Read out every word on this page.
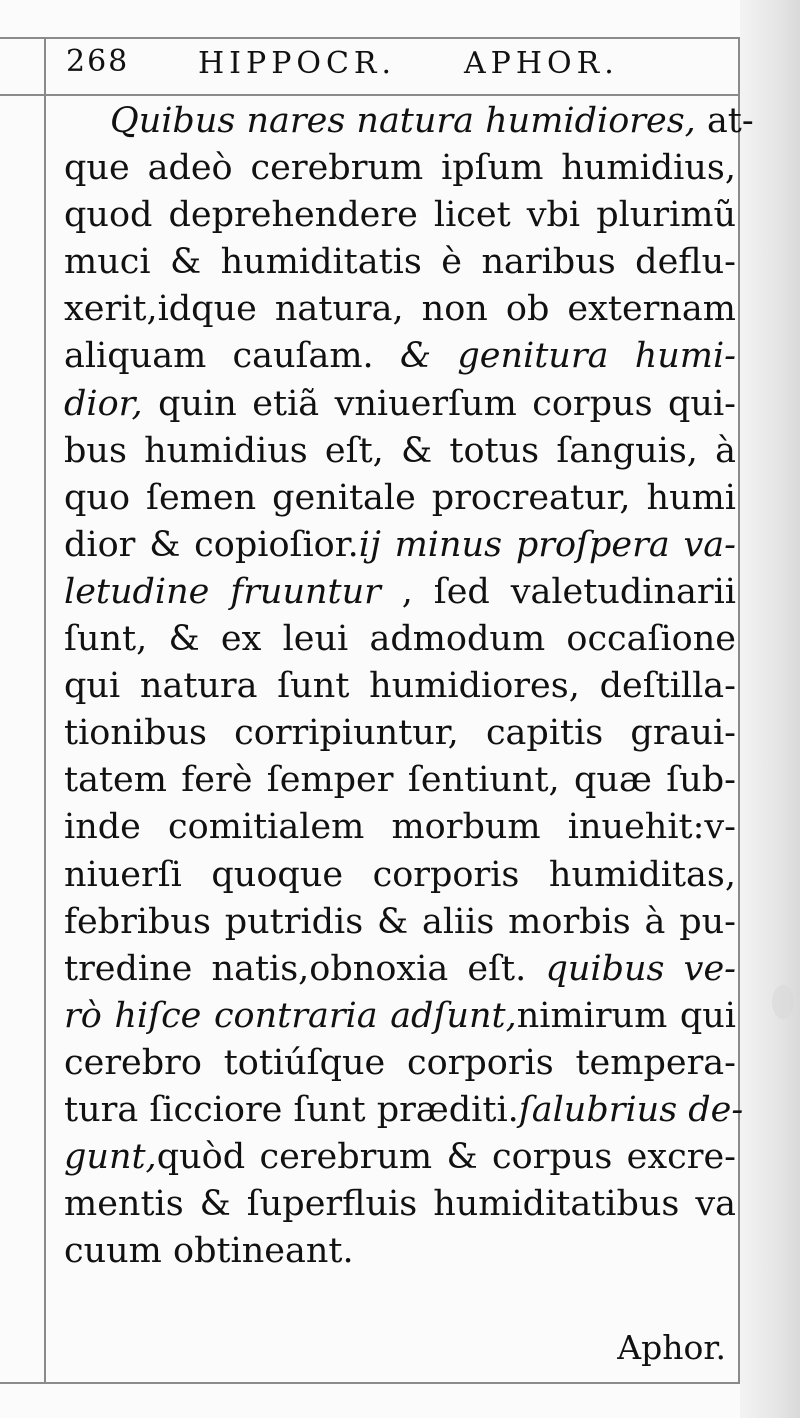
268 HIPPOCR. APHOR.
Quibus nares natura humidiores, at-
que adeò cerebrum ipſum humidius,
quod deprehendere licet vbi plurimũ
muci & humiditatis è naribus deflu-
xerit,idque natura, non ob externam
aliquam cauſam. & genitura humi-
dior, quin etiã vniuerſum corpus qui-
bus humidius eſt, & totus ſanguis, à
quo ſemen genitale procreatur, humi
dior & copioſior.ij minus proſpera va-
letudine fruuntur , ſed valetudinarii
ſunt, & ex leui admodum occaſione
qui natura ſunt humidiores, deſtilla-
tionibus corripiuntur, capitis graui-
tatem ferè ſemper ſentiunt, quæ ſub-
inde comitialem morbum inuehit:v-
niuerſi quoque corporis humiditas,
febribus putridis & aliis morbis à pu-
tredine natis,obnoxia eſt. quibus ve-
rò hiſce contraria adſunt,nimirum qui
cerebro totiúſque corporis tempera-
tura ſicciore ſunt præditi.ſalubrius de-
gunt,quòd cerebrum & corpus excre-
mentis & ſuperfluis humiditatibus va
cuum obtineant.
Aphor.
